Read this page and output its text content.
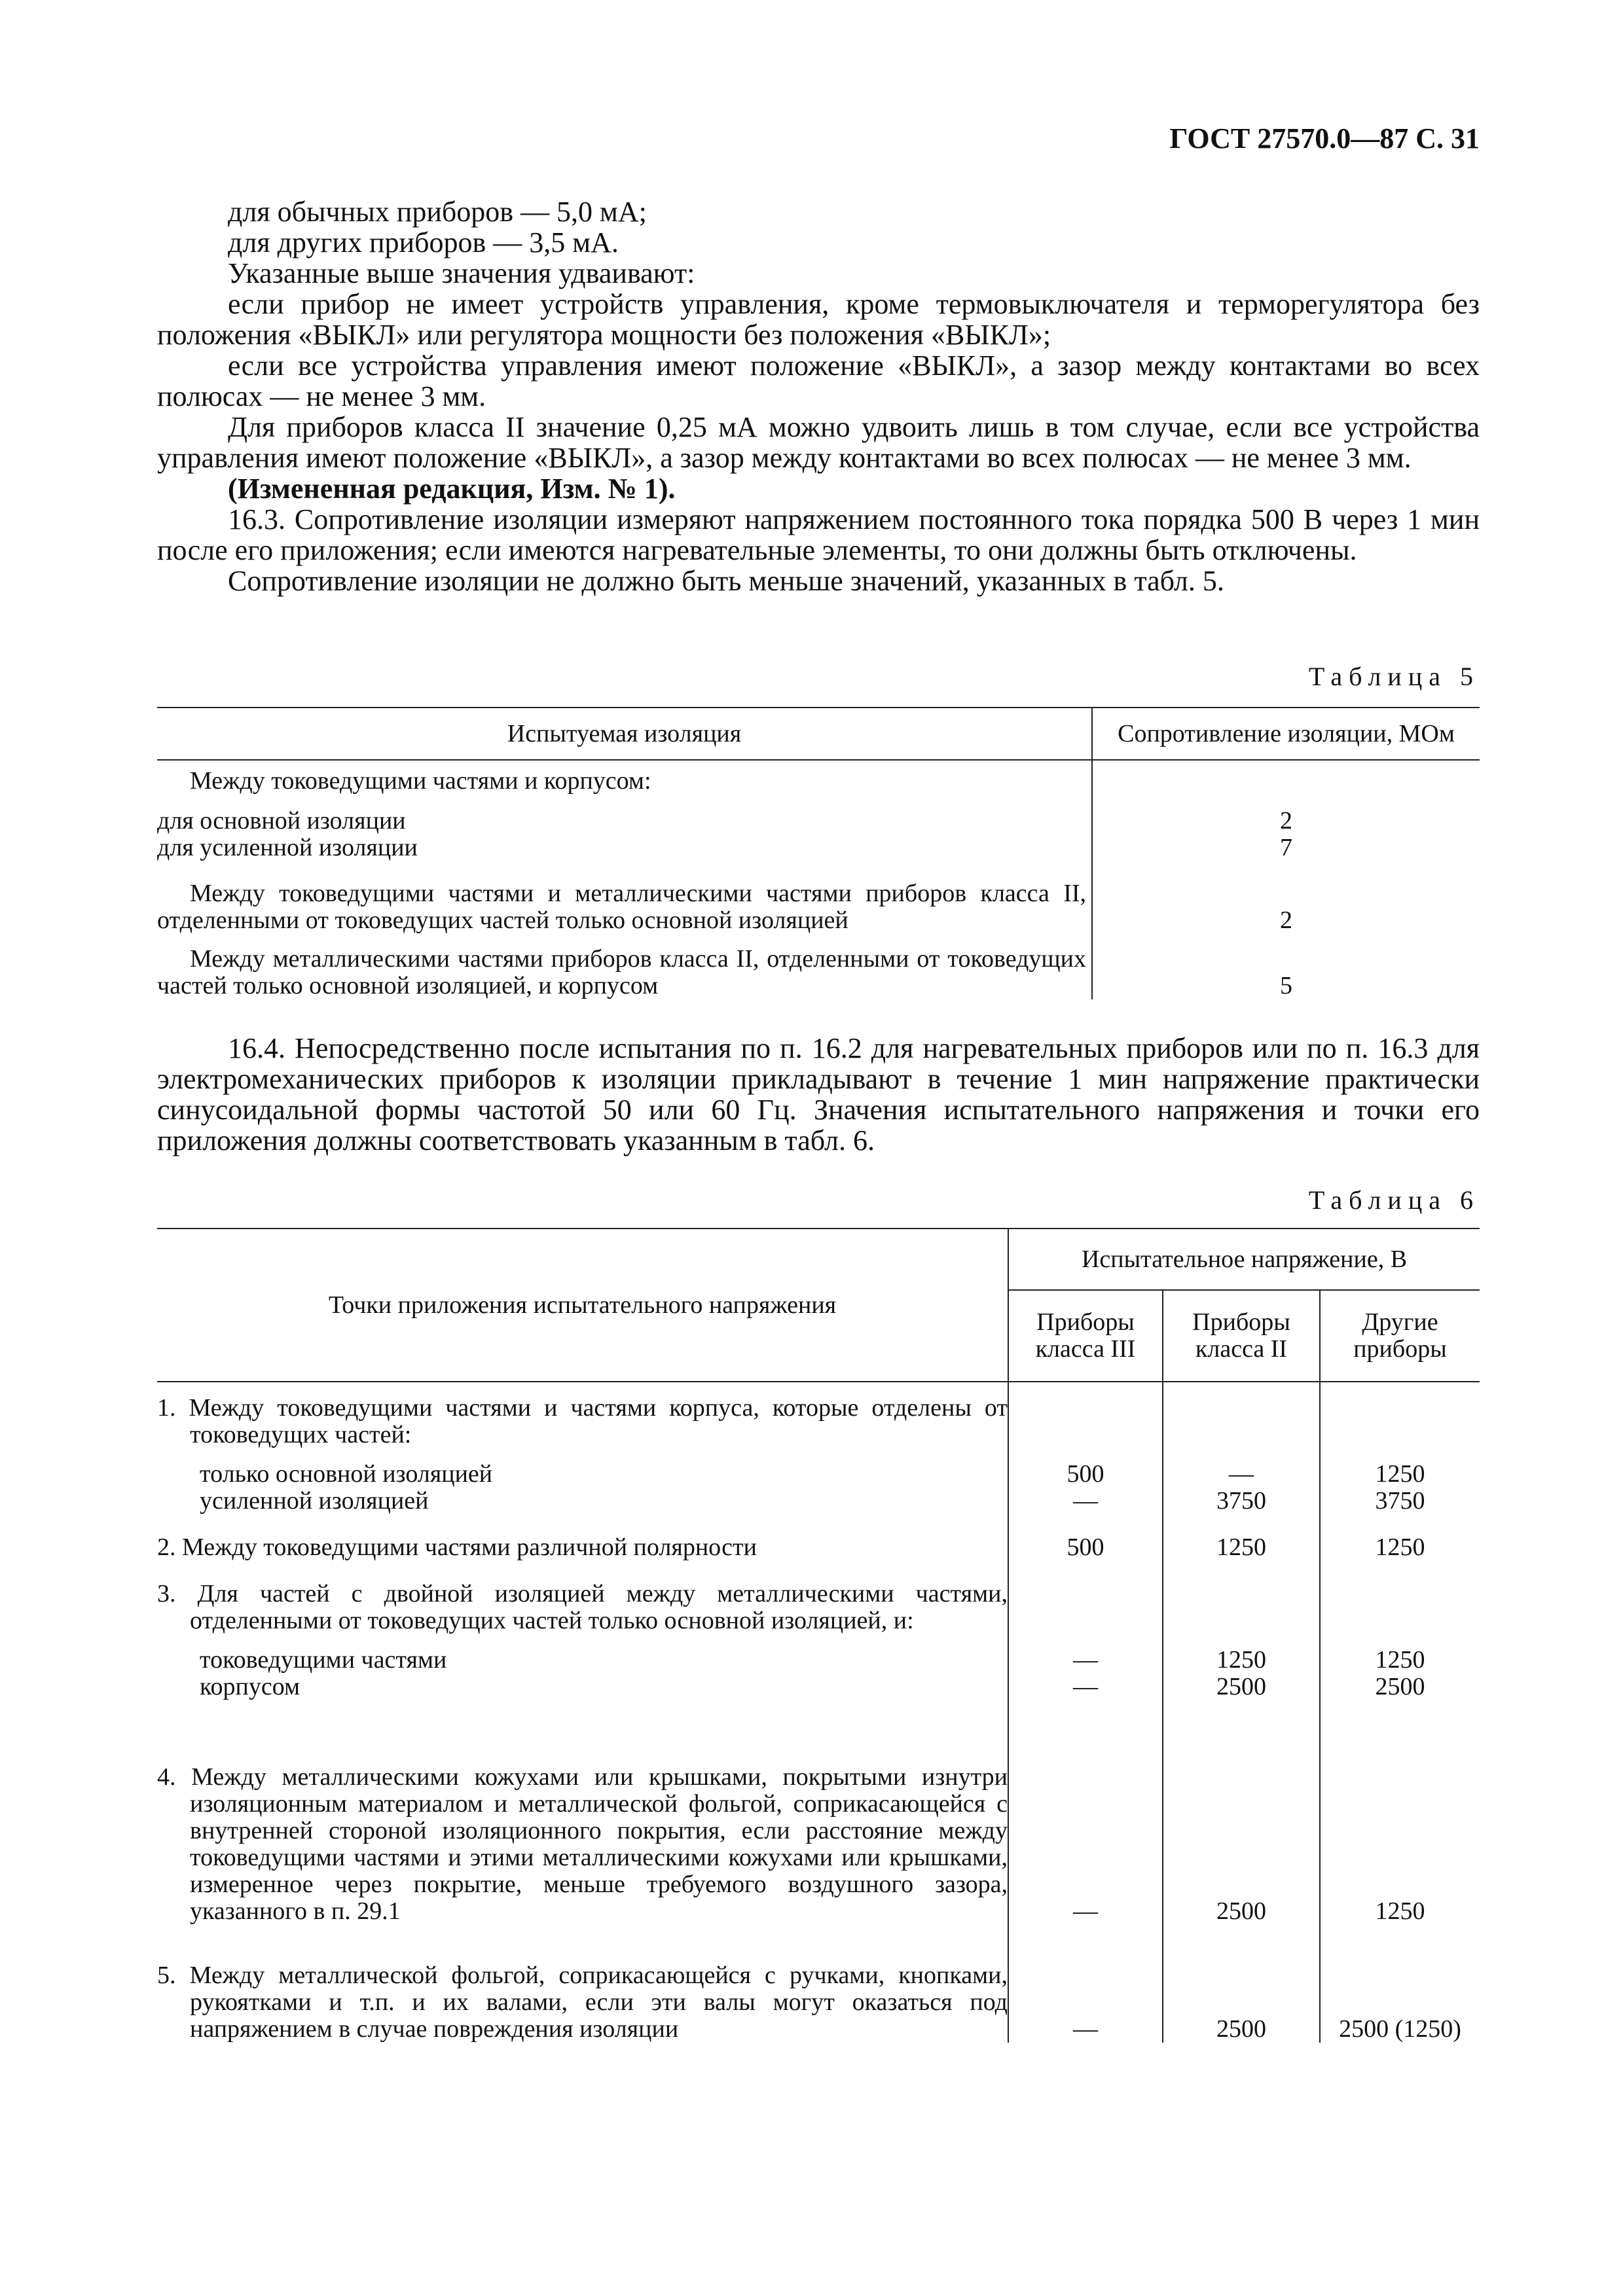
ГОСТ 27570.0—87 С. 31

для обычных приборов — 5,0 мА;

для других приборов — 3,5 мА.

Указанные выше значения удваивают:

если прибор не имеет устройств управления, кроме термовыключателя и терморегулятора без положения «ВЫКЛ» или регулятора мощности без положения «ВЫКЛ»;

если все устройства управления имеют положение «ВЫКЛ», а зазор между контактами во всех полюсах — не менее 3 мм.

Для приборов класса II значение 0,25 мА можно удвоить лишь в том случае, если все устройства управления имеют положение «ВЫКЛ», а зазор между контактами во всех полюсах — не менее 3 мм.

(Измененная редакция, Изм. № 1).

16.3. Сопротивление изоляции измеряют напряжением постоянного тока порядка 500 В через 1 мин после его приложения; если имеются нагревательные элементы, то они должны быть отключены.

Сопротивление изоляции не должно быть меньше значений, указанных в табл. 5.

Таблица 5
Испытуемая изоляция	Сопротивление изоляции, МОм
Между токоведущими частями и корпусом:	
для основной изоляции	2
для усиленной изоляции	7
Между токоведущими частями и металлическими частями приборов класса II, отделенными от токоведущих частей только основной изоляцией	2
Между металлическими частями приборов класса II, отделенными от токоведущих частей только основной изоляцией, и корпусом	5

16.4. Непосредственно после испытания по п. 16.2 для нагревательных приборов или по п. 16.3 для электромеханических приборов к изоляции прикладывают в течение 1 мин напряжение практически синусоидальной формы частотой 50 или 60 Гц. Значения испытательного напряжения и точки его приложения должны соответствовать указанным в табл. 6.

Таблица 6
Точки приложения испытательного напряжения	Испытательное напряжение, В		
	Приборы класса III	Приборы класса II	Другие приборы
1. Между токоведущими частями и частями корпуса, которые отделены от токоведущих частей:			
только основной изоляцией	500	—	1250
усиленной изоляцией	—	3750	3750
2. Между токоведущими частями различной полярности	500	1250	1250
3. Для частей с двойной изоляцией между металлическими частями, отделенными от токоведущих частей только основной изоляцией, и:			
токоведущими частями	—	1250	1250
корпусом	—	2500	2500
4. Между металлическими кожухами или крышками, покрытыми изнутри изоляционным материалом и металлической фольгой, соприкасающейся с внутренней стороной изоляционного покрытия, если расстояние между токоведущими частями и этими металлическими кожухами или крышками, измеренное через покрытие, меньше требуемого воздушного зазора, указанного в п. 29.1	—	2500	1250
5. Между металлической фольгой, соприкасающейся с ручками, кнопками, рукоятками и т.п. и их валами, если эти валы могут оказаться под напряжением в случае повреждения изоляции	—	2500	2500 (1250)
